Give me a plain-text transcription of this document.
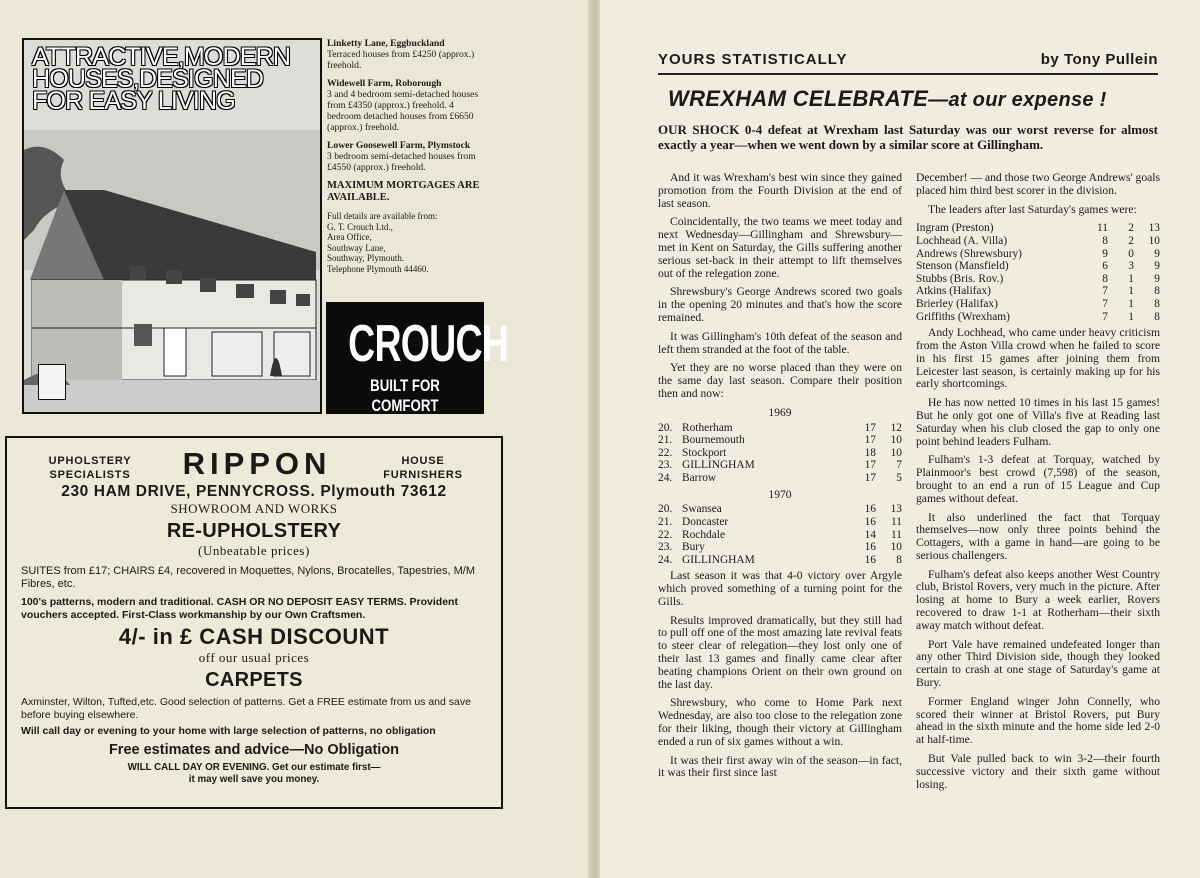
ATTRACTIVE,MODERN HOUSES,DESIGNED FOR EASY LIVING
Linketty Lane, Eggbuckland
Terraced houses from £4250 (approx.) freehold.
Widewell Farm, Roborough
3 and 4 bedroom semi-detached houses from £4350 (approx.) freehold. 4 bedroom detached houses from £6650 (approx.) freehold.
Lower Goosewell Farm, Plymstock
3 bedroom semi-detached houses from £4550 (approx.) freehold.
MAXIMUM MORTGAGES ARE AVAILABLE.
Full details are available from:
G. T. Crouch Ltd.,
Area Office,
Southway Lane,
Southway, Plymouth.
Telephone Plymouth 44460.
CROUCH
BUILT FOR COMFORT
UPHOLSTERY SPECIALISTS	RIPPON	HOUSE FURNISHERS
230 HAM DRIVE, PENNYCROSS. Plymouth 73612
SHOWROOM AND WORKS
RE-UPHOLSTERY
(Unbeatable prices)
SUITES from £17; CHAIRS £4, recovered in Moquettes, Nylons, Brocatelles, Tapestries, M/M Fibres, etc.
100's patterns, modern and traditional. CASH OR NO DEPOSIT EASY TERMS. Provident vouchers accepted. First-Class workmanship by our Own Craftsmen.
4/- in £ CASH DISCOUNT
off our usual prices
CARPETS
Axminster, Wilton, Tufted,etc. Good selection of patterns. Get a FREE estimate from us and save before buying elsewhere.
Will call day or evening to your home with large selection of patterns, no obligation
Free estimates and advice—No Obligation
WILL CALL DAY OR EVENING. Get our estimate first—
it may well save you money.
YOURS STATISTICALLY	by Tony Pullein
WREXHAM CELEBRATE—at our expense !
OUR SHOCK 0-4 defeat at Wrexham last Saturday was our worst reverse for almost exactly a year—when we went down by a similar score at Gillingham.

And it was Wrexham's best win since they gained promotion from the Fourth Division at the end of last season.

Coincidentally, the two teams we meet today and next Wednesday—Gillingham and Shrewsbury—met in Kent on Saturday, the Gills suffering another serious set-back in their attempt to lift themselves out of the relegation zone.

Shrewsbury's George Andrews scored two goals in the opening 20 minutes and that's how the score remained.

It was Gillingham's 10th defeat of the season and left them stranded at the foot of the table.

Yet they are no worse placed than they were on the same day last season. Compare their position then and now:

1969
20.	Rotherham	17	12
21.	Bournemouth	17	10
22.	Stockport	18	10
23.	GILLINGHAM	17	7
24.	Barrow	17	5
1970
20.	Swansea	16	13
21.	Doncaster	16	11
22.	Rochdale	14	11
23.	Bury	16	10
24.	GILLINGHAM	16	8

Last season it was that 4-0 victory over Argyle which proved something of a turning point for the Gills.

Results improved dramatically, but they still had to pull off one of the most amazing late revival feats to steer clear of relegation—they lost only one of their last 13 games and finally came clear after beating champions Orient on their own ground on the last day.

Shrewsbury, who come to Home Park next Wednesday, are also too close to the relegation zone for their liking, though their victory at Gillingham ended a run of six games without a win.

It was their first away win of the season—in fact, it was their first since last

December! — and those two George Andrews' goals placed him third best scorer in the division.

The leaders after last Saturday's games were:

Ingram (Preston)	11	2	13
Lochhead (A. Villa)	8	2	10
Andrews (Shrewsbury)	9	0	9
Stenson (Mansfield)	6	3	9
Stubbs (Bris. Rov.)	8	1	9
Atkins (Halifax)	7	1	8
Brierley (Halifax)	7	1	8
Griffiths (Wrexham)	7	1	8

Andy Lochhead, who came under heavy criticism from the Aston Villa crowd when he failed to score in his first 15 games after joining them from Leicester last season, is certainly making up for his early shortcomings.

He has now netted 10 times in his last 15 games! But he only got one of Villa's five at Reading last Saturday when his club closed the gap to only one point behind leaders Fulham.

Fulham's 1-3 defeat at Torquay, watched by Plainmoor's best crowd (7,598) of the season, brought to an end a run of 15 League and Cup games without defeat.

It also underlined the fact that Torquay themselves—now only three points behind the Cottagers, with a game in hand—are going to be serious challengers.

Fulham's defeat also keeps another West Country club, Bristol Rovers, very much in the picture. After losing at home to Bury a week earlier, Rovers recovered to draw 1-1 at Rotherham—their sixth away match without defeat.

Port Vale have remained undefeated longer than any other Third Division side, though they looked certain to crash at one stage of Saturday's game at Bury.

Former England winger John Connelly, who scored their winner at Bristol Rovers, put Bury ahead in the sixth minute and the home side led 2-0 at half-time.

But Vale pulled back to win 3-2—their fourth successive victory and their sixth game without losing.
